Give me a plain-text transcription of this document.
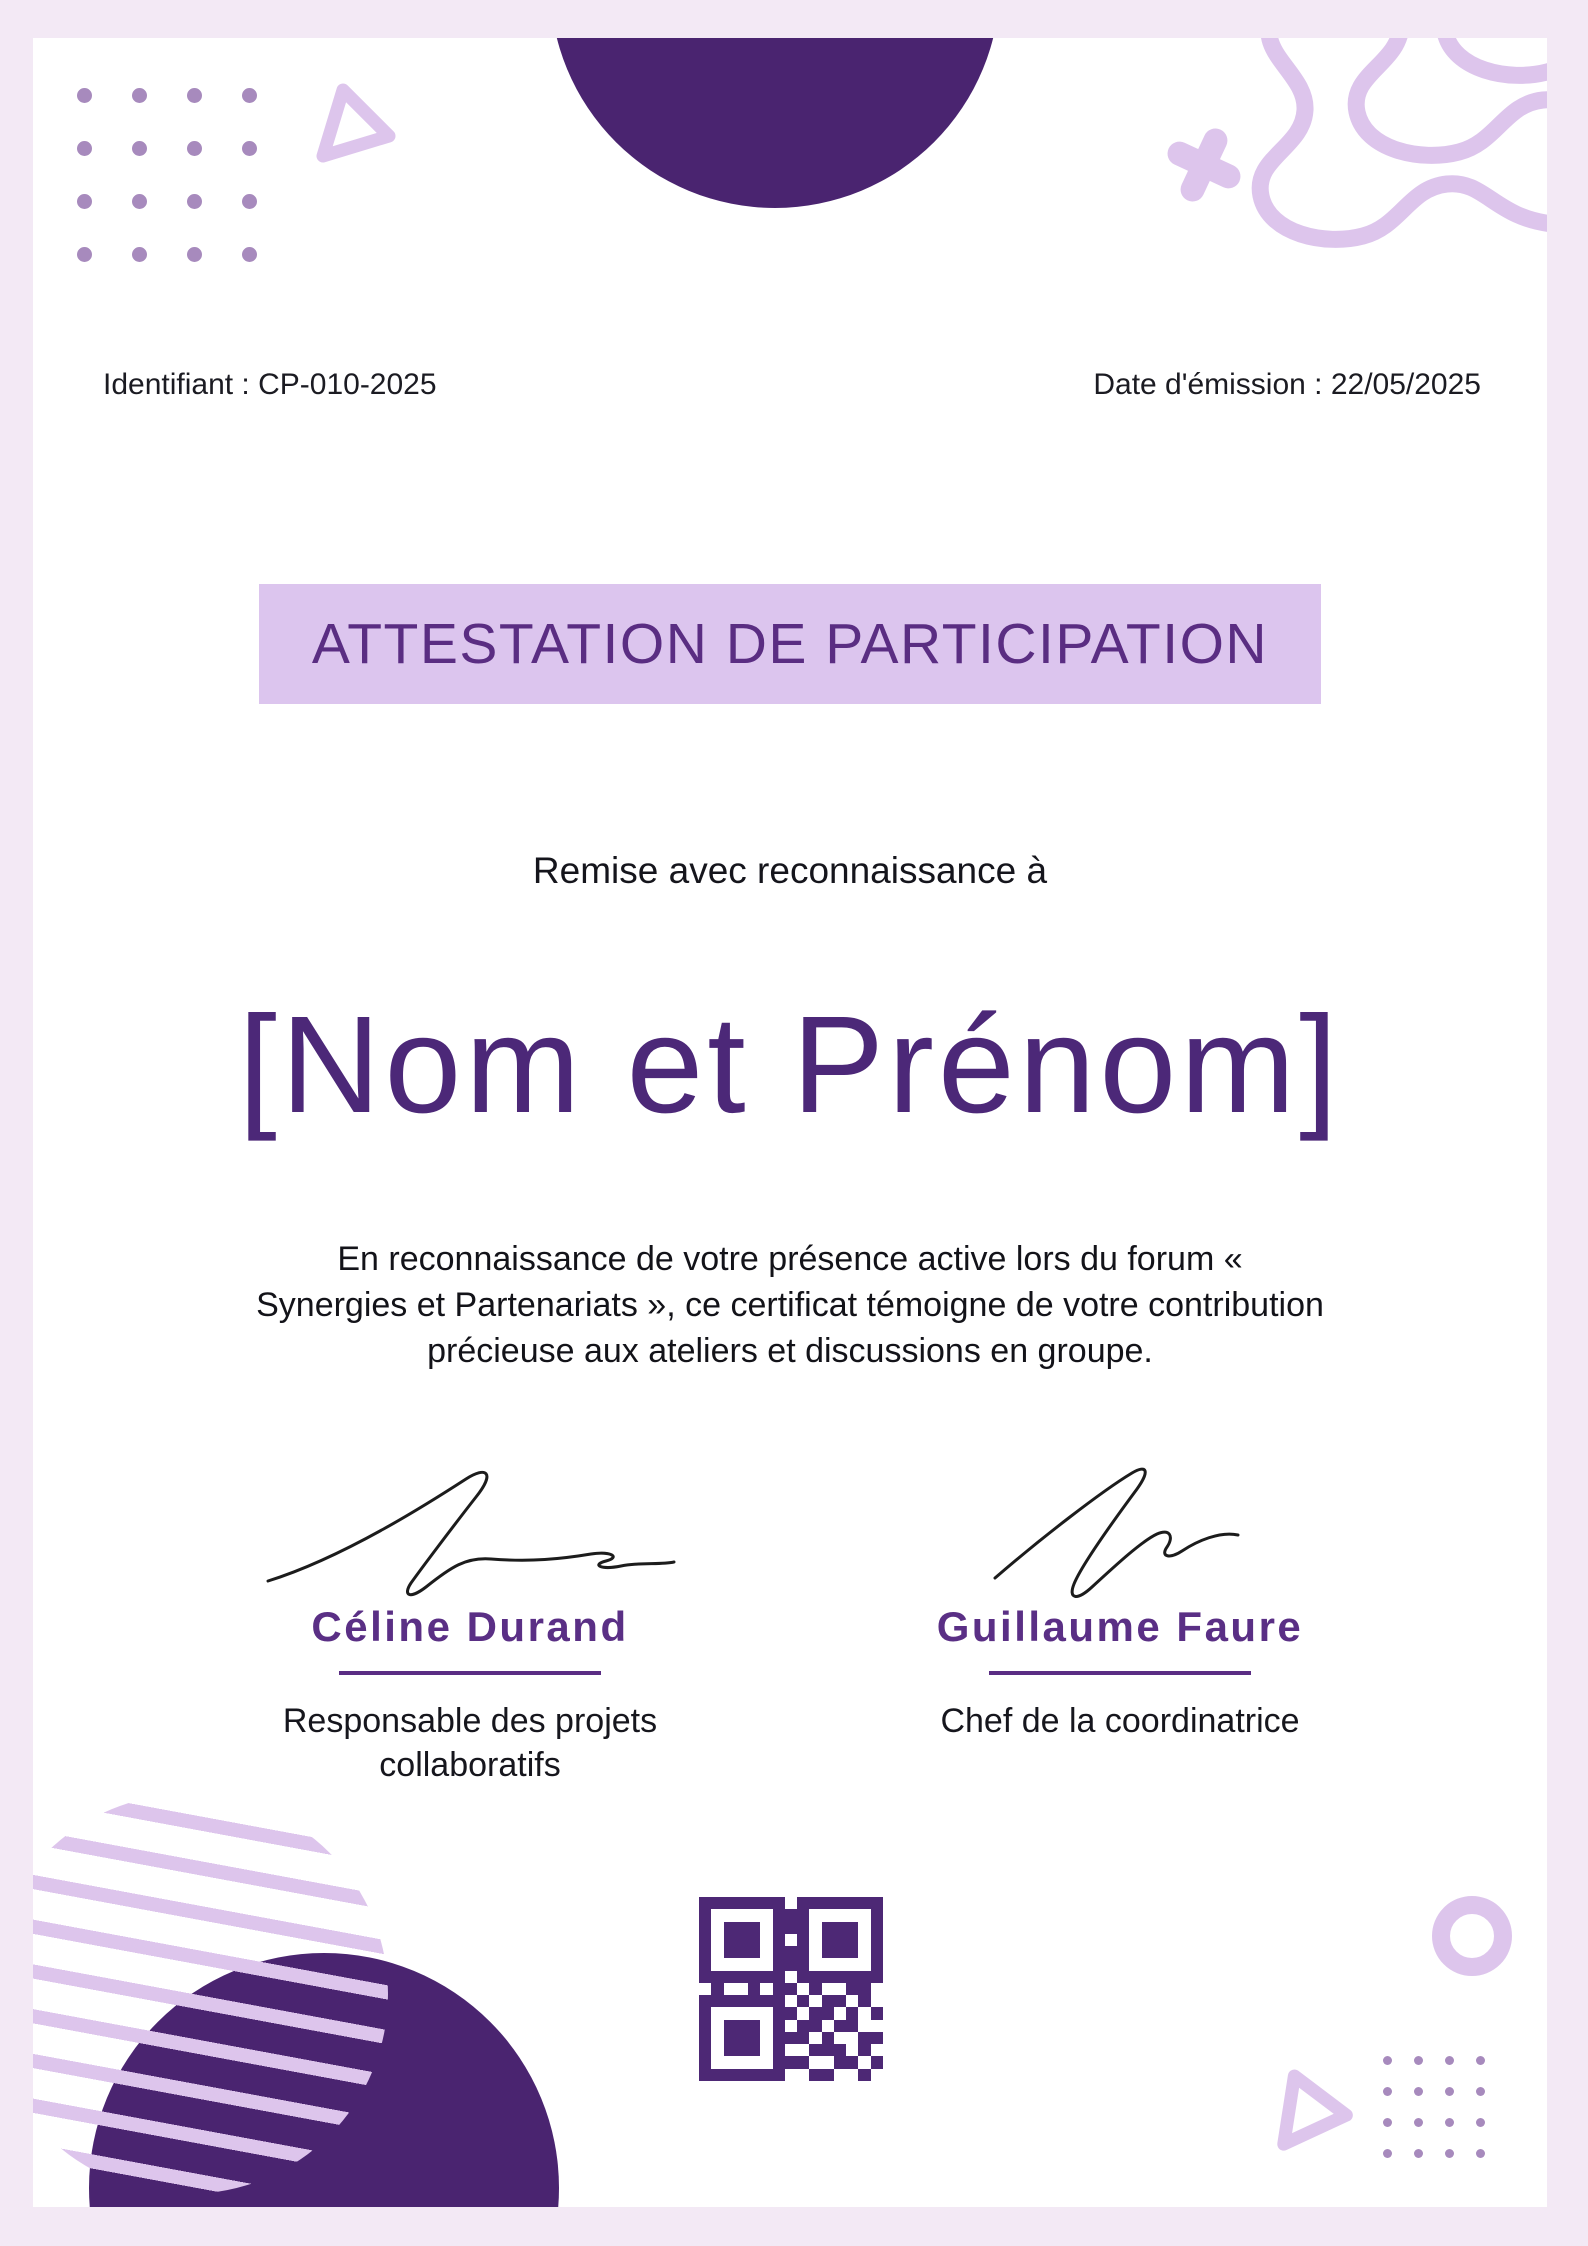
Identifiant : CP-010-2025	Date d'émission : 22/05/2025
ATTESTATION DE PARTICIPATION
Remise avec reconnaissance à
[Nom et Prénom]
En reconnaissance de votre présence active lors du forum «
Synergies et Partenariats », ce certificat témoigne de votre contribution
précieuse aux ateliers et discussions en groupe.
Céline Durand
Responsable des projets collaboratifs
Guillaume Faure
Chef de la coordinatrice
